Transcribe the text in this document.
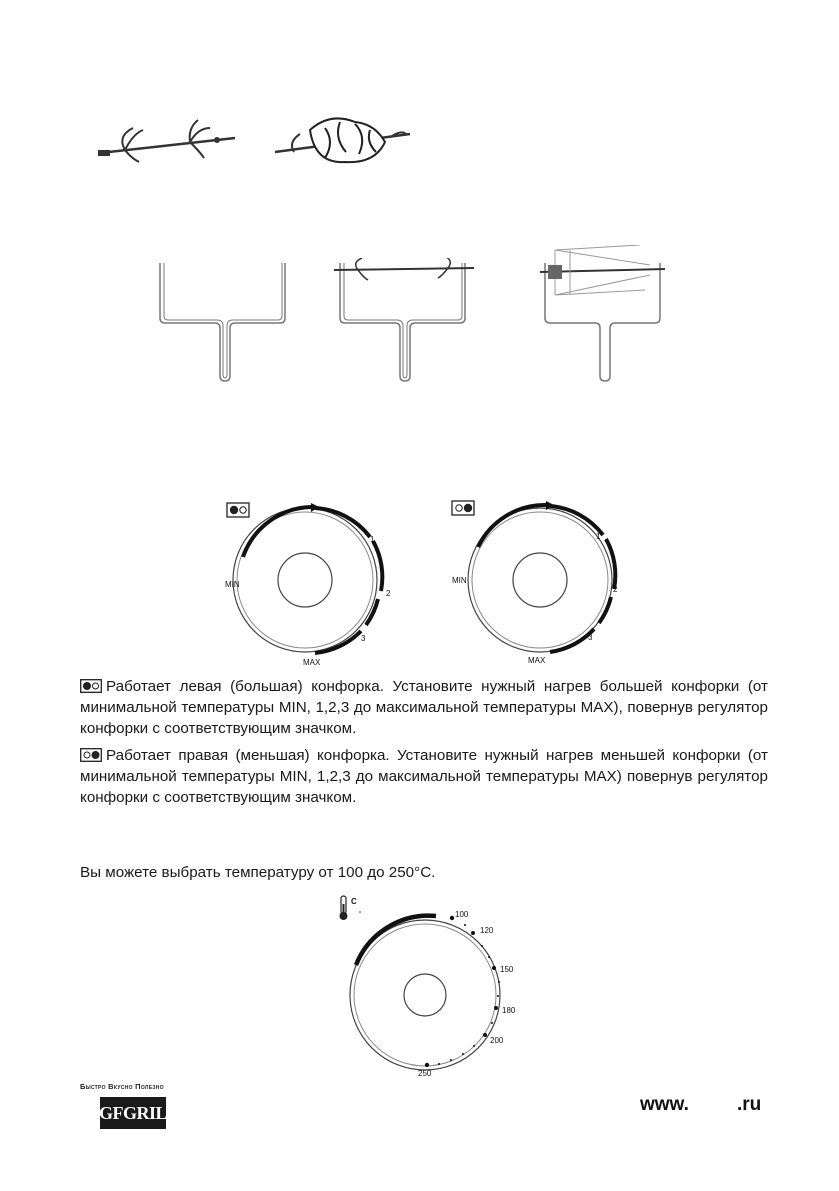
MIN
1
2
3
MAX
MIN
1
2
3
MAX
Работает левая (большая) конфорка. Установите нужный нагрев большей конфорки (от минимальной температуры MIN, 1,2,3 до максимальной температуры MAX), повернув регулятор конфорки с соответствующим значком.
Работает правая (меньшая) конфорка. Установите нужный нагрев меньшей конфорки (от минимальной температуры MIN, 1,2,3 до максимальной температуры MAX) повернув регулятор конфорки с соответствующим значком.
Вы можете выбрать температуру от 100 до 250°C.
C
100
120
150
180
200
250
Быстро Вкусно Полезно
GFGRIL	www.	.ru
